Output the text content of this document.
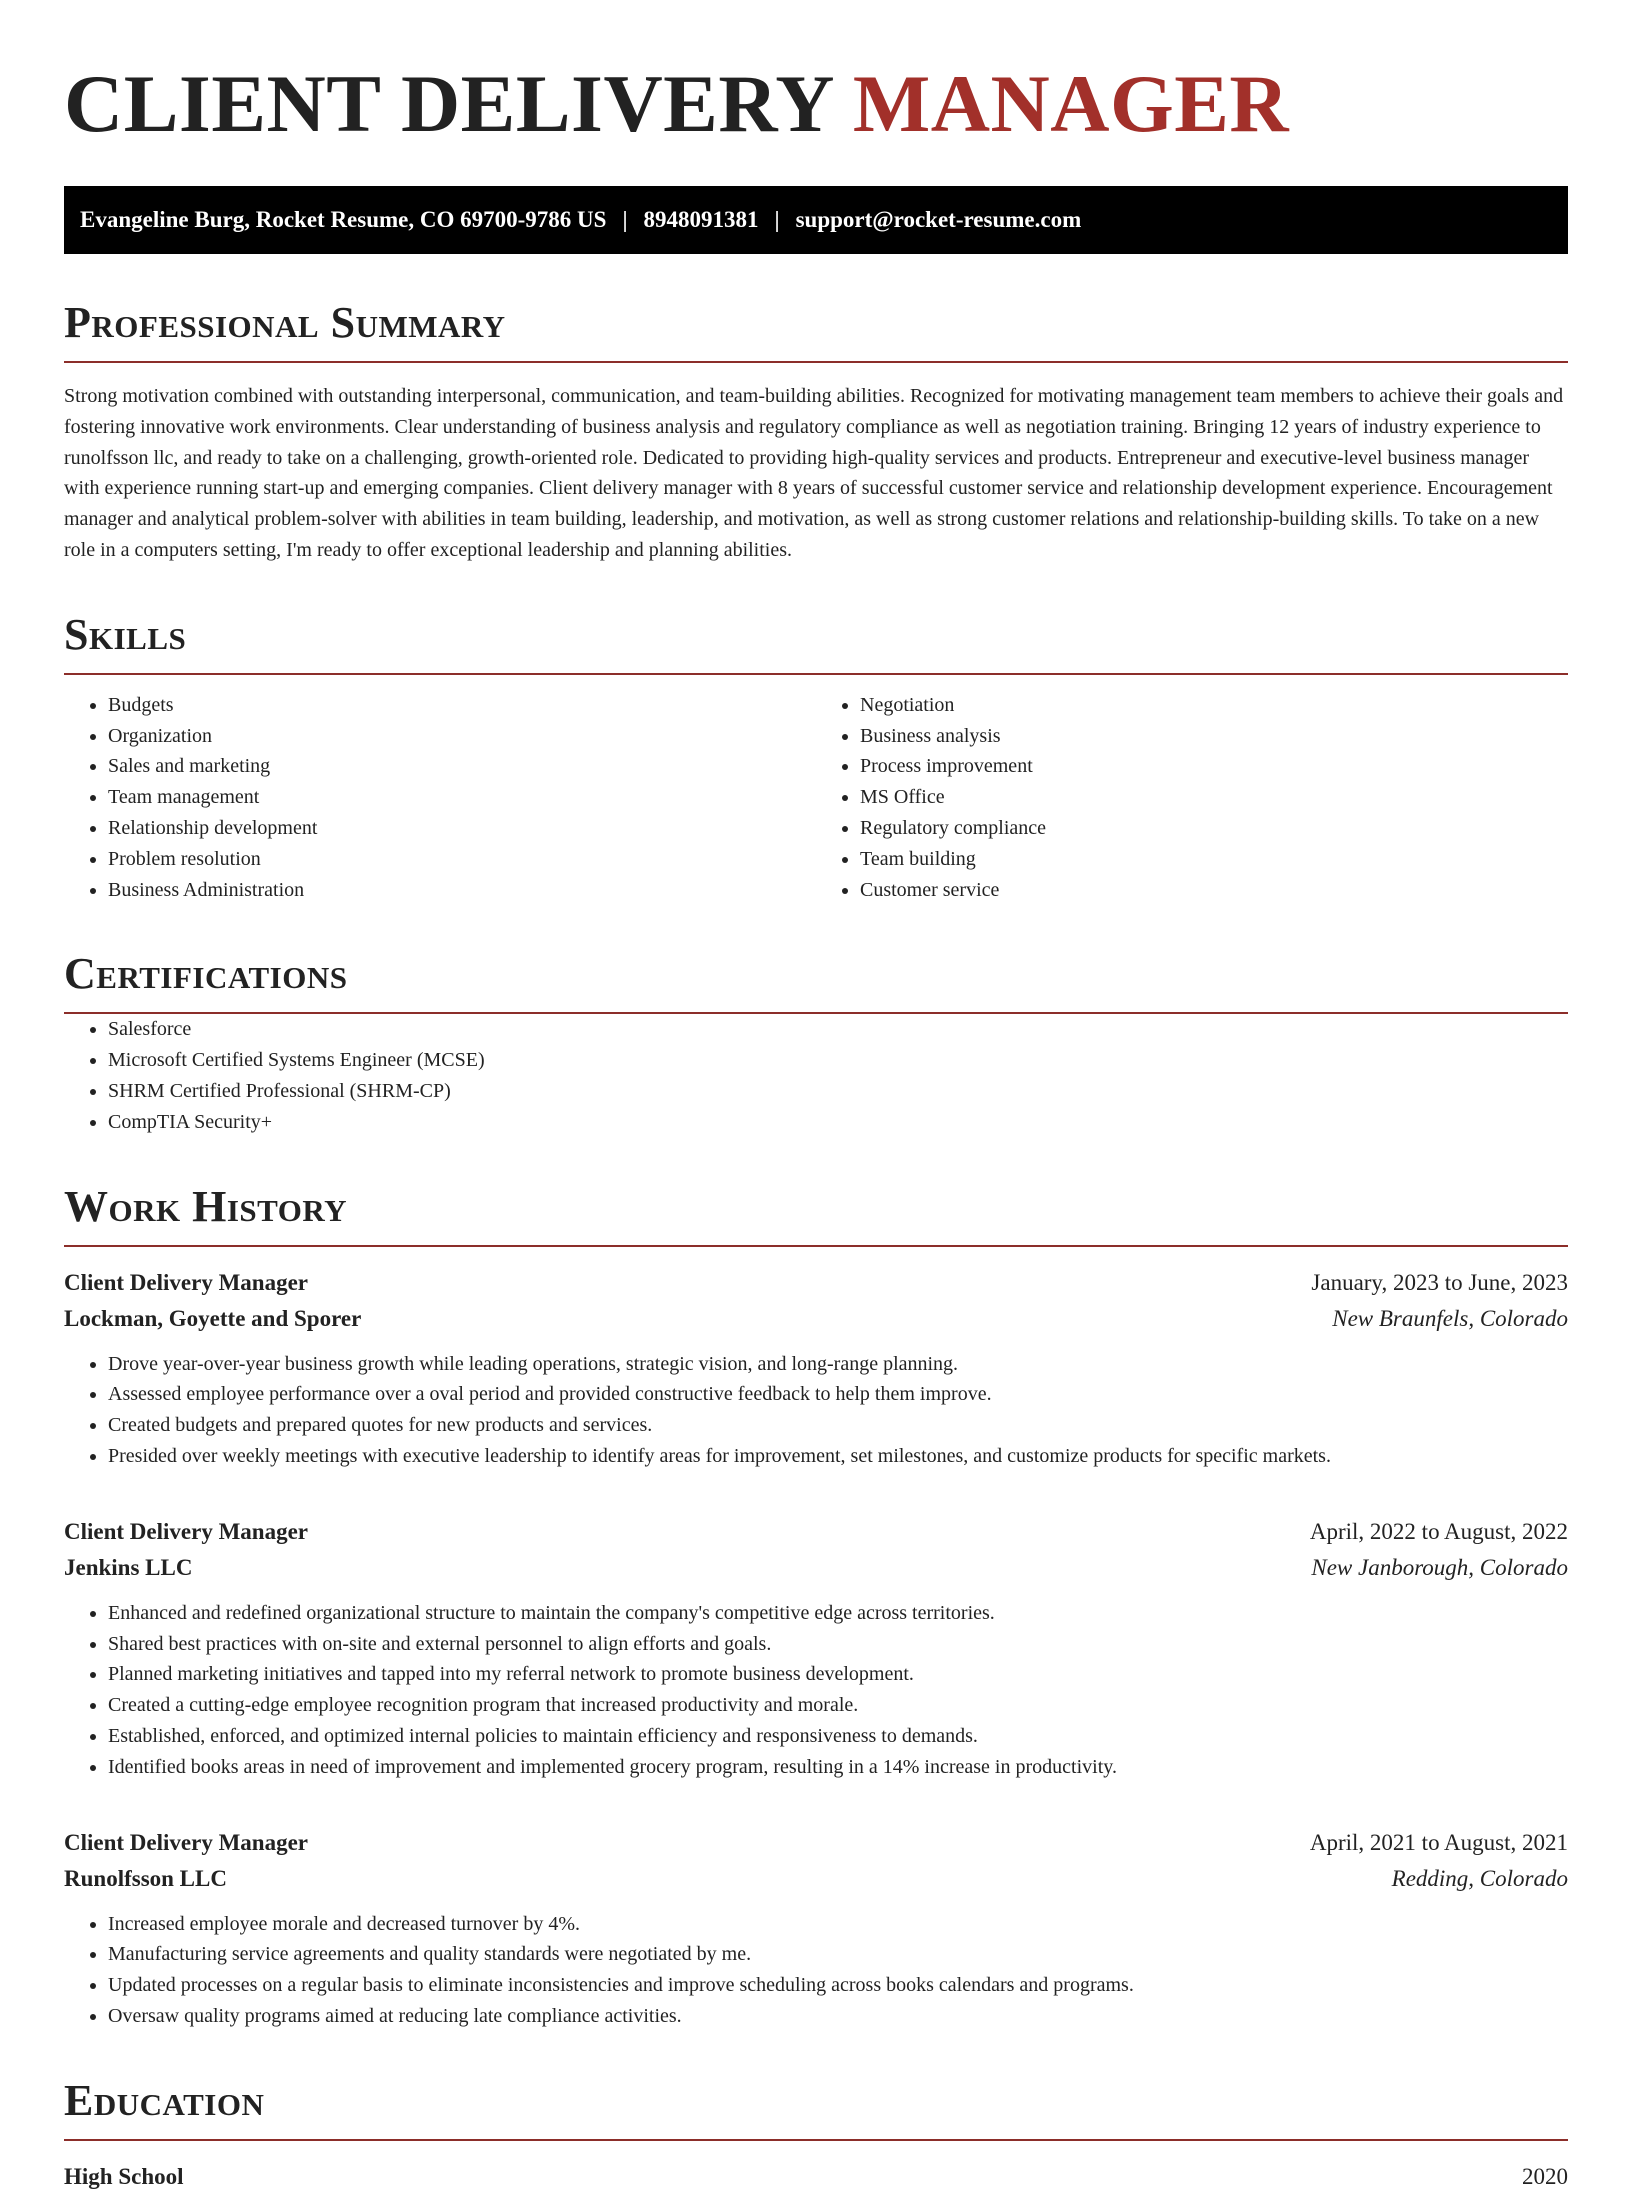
CLIENT DELIVERY MANAGER
Evangeline Burg, Rocket Resume, CO 69700-9786 US | 8948091381 | support@rocket-resume.com
Professional Summary

Strong motivation combined with outstanding interpersonal, communication, and team-building abilities. Recognized for motivating management team members to achieve their goals and fostering innovative work environments. Clear understanding of business analysis and regulatory compliance as well as negotiation training. Bringing 12 years of industry experience to runolfsson llc, and ready to take on a challenging, growth-oriented role. Dedicated to providing high-quality services and products. Entrepreneur and executive-level business manager with experience running start-up and emerging companies. Client delivery manager with 8 years of successful customer service and relationship development experience. Encouragement manager and analytical problem-solver with abilities in team building, leadership, and motivation, as well as strong customer relations and relationship-building skills. To take on a new role in a computers setting, I'm ready to offer exceptional leadership and planning abilities.

Skills
• Budgets
• Organization
• Sales and marketing
• Team management
• Relationship development
• Problem resolution
• Business Administration
• Negotiation
• Business analysis
• Process improvement
• MS Office
• Regulatory compliance
• Team building
• Customer service
Certifications
• Salesforce
• Microsoft Certified Systems Engineer (MCSE)
• SHRM Certified Professional (SHRM-CP)
• CompTIA Security+
Work History
Client Delivery Manager	January, 2023 to June, 2023
Lockman, Goyette and Sporer	New Braunfels, Colorado
• Drove year-over-year business growth while leading operations, strategic vision, and long-range planning.
• Assessed employee performance over a oval period and provided constructive feedback to help them improve.
• Created budgets and prepared quotes for new products and services.
• Presided over weekly meetings with executive leadership to identify areas for improvement, set milestones, and customize products for specific markets.
Client Delivery Manager	April, 2022 to August, 2022
Jenkins LLC	New Janborough, Colorado
• Enhanced and redefined organizational structure to maintain the company's competitive edge across territories.
• Shared best practices with on-site and external personnel to align efforts and goals.
• Planned marketing initiatives and tapped into my referral network to promote business development.
• Created a cutting-edge employee recognition program that increased productivity and morale.
• Established, enforced, and optimized internal policies to maintain efficiency and responsiveness to demands.
• Identified books areas in need of improvement and implemented grocery program, resulting in a 14% increase in productivity.
Client Delivery Manager	April, 2021 to August, 2021
Runolfsson LLC	Redding, Colorado
• Increased employee morale and decreased turnover by 4%.
• Manufacturing service agreements and quality standards were negotiated by me.
• Updated processes on a regular basis to eliminate inconsistencies and improve scheduling across books calendars and programs.
• Oversaw quality programs aimed at reducing late compliance activities.
Education
High School	2020
